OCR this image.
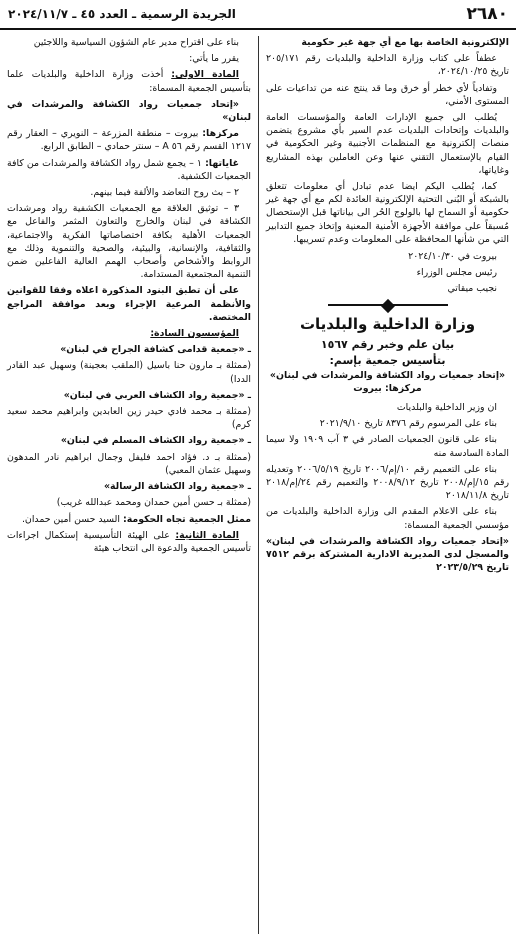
٢٦٨٠
الجريدة الرسمية ـ العدد ٤٥ ـ ٢٠٢٤/١١/٧

الإلكترونية الخاصة بها مع أي جهة غير حكومية

عطفاً على كتاب وزارة الداخلية والبلديات رقم ٢٠٥/١٧١ تاريخ ٢٠٢٤/١٠/٢٥،

وتفادياً لأي خطر أو خرق وما قد ينتج عنه من تداعيات على المستوى الأمني،

يُطلب الى جميع الإدارات العامة والمؤسسات العامة والبلديات وإتحادات البلديات عدم السير بأي مشروع يتضمن منصات إلكترونية مع المنظمات الأجنبية وغير الحكومية في القيام بالإستعمال التقني عنها وعن العاملين بهذه المشاريع وغاياتها،

كما، يُطلب اليكم ايضا عدم تبادل أي معلومات تتعلق بالشبكة أو البُنى التحتية الإلكترونية العائدة لكم مع أي جهة غير حكومية أو السماح لها بالولوج الحُر الى بياناتها قبل الإستحصال مُسبقاً على موافقة الأجهزة الأمنية المعنية وإتخاذ جميع التدابير التي من شأنها المحافظة على المعلومات وعدم تسريبها.

بيروت في ٢٠٢٤/١٠/٣٠

رئيس مجلس الوزراء

نجيب ميقاتي

وزارة الداخلية والبلديات
بيان علم وخبر رقم ١٥٦٧
بتأسيس جمعية بإسم:

«إتحاد جمعيات رواد الكشافة والمرشدات في لبنان» مركزها: بيروت

ان وزير الداخلية والبلديات

بناء على المرسوم رقم ٨٣٧٦ تاريخ ٢٠٢١/٩/١٠

بناء على قانون الجمعيات الصادر في ٣ آب ١٩٠٩ ولا سيما المادة السادسة منه

بناء على التعميم رقم ١٠/إم/٢٠٠٦ تاريخ ٢٠٠٦/٥/١٩ وتعديله رقم ١٥/إم/٢٠٠٨ تاريخ ٢٠٠٨/٩/١٢ والتعميم رقم ٢٤/إم/٢٠١٨ تاريخ ٢٠١٨/١١/٨

بناء على الاعلام المقدم الى وزارة الداخلية والبلديات من مؤسسي الجمعية المسماة:

«إتحاد جمعيات رواد الكشافة والمرشدات في لبنان» والمسجل لدى المديرية الادارية المشتركة برقم ٧٥١٢ تاريخ ٢٠٢٣/٥/٢٩

بناء على اقتراح مدير عام الشؤون السياسية واللاجئين

يقرر ما يأتي:

المادة الاولى: أخذت وزارة الداخلية والبلديات علما بتأسيس الجمعية المسماة:

«إتحاد جمعيات رواد الكشافة والمرشدات في لبنان»

مركزها: بيروت – منطقة المزرعة – النويري – العقار رقم ١٢١٧ القسم رقم ٥٦ A – سنتر حمادي – الطابق الرابع.

غاياتها: ١ – يجمع شمل رواد الكشافة والمرشدات من كافة الجمعيات الكشفية.

٢ – بث روح التعاضد والألفة فيما بينهم.

٣ – توثيق العلاقة مع الجمعيات الكشفية رواد ومرشدات الكشافة في لبنان والخارج والتعاون المثمر والفاعل مع الجمعيات الأهلية بكافة اختصاصاتها الفكرية والاجتماعية، والثقافية، والإنسانية، والبيئية، والصحية والتنموية وذلك مع الروابط والأشخاص وأصحاب الهمم العالية الفاعلين ضمن التنمية المجتمعية المستدامة.

على أن تطبق البنود المذكورة اعلاه وفقا للقوانين والأنظمة المرعية الإجراء وبعد موافقة المراجع المختصة.

المؤسسون السادة:

ـ «جمعية قدامى كشافة الجراح في لبنان»

(ممثلة بـ مارون حنا باسيل (الملقب بعجينة) وسهيل عبد القادر الددا)

ـ «جمعية رواد الكشاف العربي في لبنان»

(ممثلة بـ محمد فادي حيدر زين العابدين وابراهيم محمد سعيد كرم)

ـ «جمعية رواد الكشاف المسلم في لبنان»

(ممثلة بـ د. فؤاد احمد فليفل وجمال ابراهيم نادر المدهون وسهيل عثمان المعبي)

ـ «جمعية رواد الكشافة الرسالة»

(ممثلة بـ حسن أمين حمدان ومحمد عبدالله غريب)

ممثل الجمعية تجاه الحكومة: السيد حسن أمين حمدان.

المادة الثانية: على الهيئة التأسيسية إستكمال اجراءات تأسيس الجمعية والدعوة الى انتخاب هيئة
